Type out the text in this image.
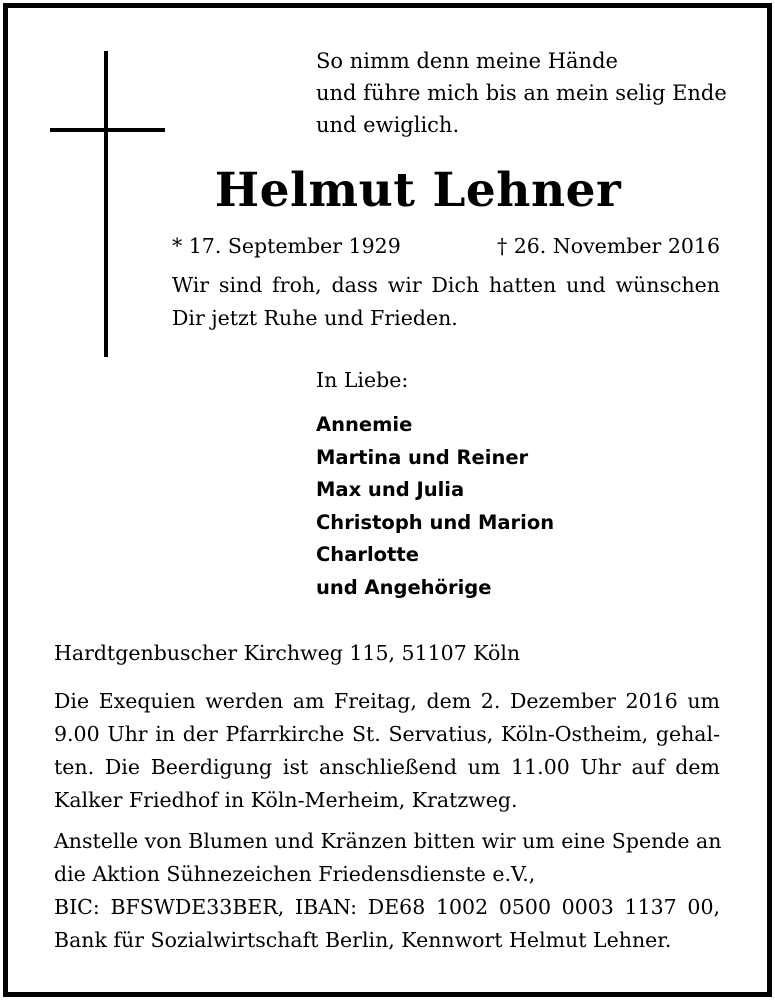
So nimm denn meine Hände
und führe mich bis an mein selig Ende
und ewiglich.
Helmut Lehner
* 17. September 1929	† 26. November 2016
Wir sind froh, dass wir Dich hatten und wünschen
Dir jetzt Ruhe und Frieden.
In Liebe:
Annemie
Martina und Reiner
Max und Julia
Christoph und Marion
Charlotte
und Angehörige
Hardtgenbuscher Kirchweg 115, 51107 Köln
Die Exequien werden am Freitag, dem 2. Dezember 2016 um
9.00 Uhr in der Pfarrkirche St. Servatius, Köln-Ostheim, gehal-
ten. Die Beerdigung ist anschließend um 11.00 Uhr auf dem
Kalker Friedhof in Köln-Merheim, Kratzweg.
Anstelle von Blumen und Kränzen bitten wir um eine Spende an
die Aktion Sühnezeichen Friedensdienste e.V.,
BIC: BFSWDE33BER, IBAN: DE68 1002 0500 0003 1137 00,
Bank für Sozialwirtschaft Berlin, Kennwort Helmut Lehner.
